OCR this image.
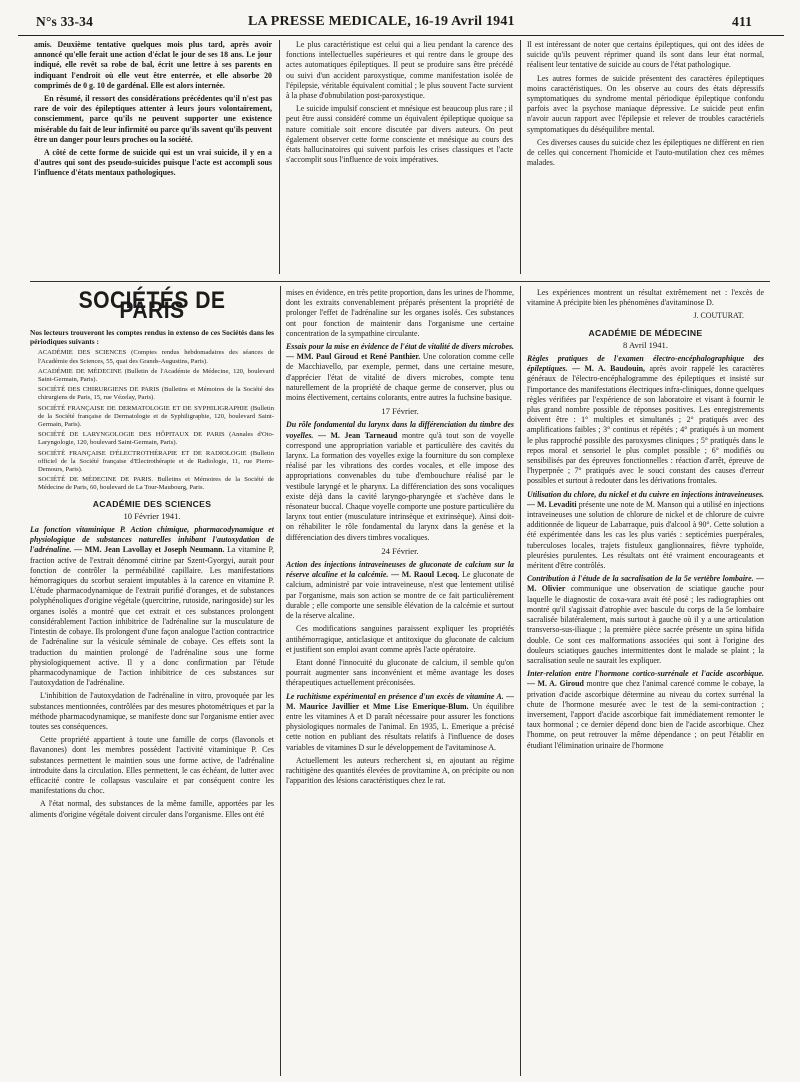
N°s 33-34	LA PRESSE MEDICALE, 16-19 Avril 1941	411

amis. Deuxième tentative quelques mois plus tard, après avoir annoncé qu'elle ferait une action d'éclat le jour de ses 18 ans. Le jour indiqué, elle revêt sa robe de bal, écrit une lettre à ses parents en indiquant l'endroit où elle veut être enterrée, et elle absorbe 20 comprimés de 0 g. 10 de gardénal. Elle est alors internée.

En résumé, il ressort des considérations précédentes qu'il n'est pas rare de voir des épileptiques attenter à leurs jours volontairement, consciemment, parce qu'ils ne peuvent supporter une existence misérable du fait de leur infirmité ou parce qu'ils savent qu'ils peuvent être un danger pour leurs proches ou la société.

A côté de cette forme de suicide qui est un vrai suicide, il y en a d'autres qui sont des pseudo-suicides puisque l'acte est accompli sous l'influence d'états mentaux pathologiques.

Le plus caractéristique est celui qui a lieu pendant la carence des fonctions intellectuelles supérieures et qui rentre dans le groupe des actes automatiques épileptiques. Il peut se produire sans être précédé ou suivi d'un accident paroxystique, comme manifestation isolée de l'épilepsie, véritable équivalent comitial ; le plus souvent l'acte survient à la phase d'obnubilation post-paroxystique.

Le suicide impulsif conscient et mnésique est beaucoup plus rare ; il peut être aussi considéré comme un équivalent épileptique quoique sa nature comitiale soit encore discutée par divers auteurs. On peut également observer cette forme consciente et mnésique au cours des états hallucinatoires qui suivent parfois les crises classiques et l'acte s'accomplit sous l'influence de voix impératives.

Il est intéressant de noter que certains épileptiques, qui ont des idées de suicide qu'ils peuvent réprimer quand ils sont dans leur état normal, réalisent leur tentative de suicide au cours de l'état pathologique.

Les autres formes de suicide présentent des caractères épileptiques moins caractéristiques. On les observe au cours des états dépressifs symptomatiques du syndrome mental périodique épileptique confondu parfois avec la psychose maniaque dépressive. Le suicide peut enfin n'avoir aucun rapport avec l'épilepsie et relever de troubles caractériels symptomatiques du déséquilibre mental.

Ces diverses causes du suicide chez les épileptiques ne diffèrent en rien de celles qui concernent l'homicide et l'auto-mutilation chez ces mêmes malades.

SOCIÉTÉS DE PARIS
Nos lecteurs trouveront les comptes rendus in extenso de ces Sociétés dans les périodiques suivants :

ACADÉMIE DES SCIENCES (Comptes rendus hebdomadaires des séances de l'Académie des Sciences, 55, quai des Grands-Augustins, Paris).

ACADÉMIE DE MÉDECINE (Bulletin de l'Académie de Médecine, 120, boulevard Saint-Germain, Paris).

SOCIÉTÉ DES CHIRURGIENS DE PARIS (Bulletins et Mémoires de la Société des chirurgiens de Paris, 15, rue Vézelay, Paris).

SOCIÉTÉ FRANÇAISE DE DERMATOLOGIE ET DE SYPHILIGRAPHIE (Bulletin de la Société française de Dermatologie et de Syphiligraphie, 120, boulevard Saint-Germain, Paris).

SOCIÉTÉ DE LARYNGOLOGIE DES HÔPITAUX DE PARIS (Annales d'Oto-Laryngologie, 120, boulevard Saint-Germain, Paris).

SOCIÉTÉ FRANÇAISE D'ÉLECTROTHÉRAPIE ET DE RADIOLOGIE (Bulletin officiel de la Société française d'Electrothérapie et de Radiologie, 11, rue Pierre-Demours, Paris).

SOCIÉTÉ DE MÉDECINE DE PARIS. Bulletins et Mémoires de la Société de Médecine de Paris, 60, boulevard de La Tour-Maubourg, Paris.

ACADÉMIE DES SCIENCES
10 Février 1941.

La fonction vitaminique P. Action chimique, pharmacodynamique et physiologique de substances naturelles inhibant l'autoxydation de l'adrénaline. — MM. Jean Lavollay et Joseph Neumann. La vitamine P, fraction active de l'extrait dénommé citrine par Szent-Gyorgyi, aurait pour fonction de contrôler la perméabilité capillaire. Les manifestations hémorragiques du scorbut seraient imputables à la carence en vitamine P. L'étude pharmacodynamique de l'extrait purifié d'oranges, et de substances polyphénoliques d'origine végétale (quercitrine, rutoside, naringoside) sur les organes isolés a montré que cet extrait et ces substances prolongent considérablement l'action inhibitrice de l'adrénaline sur la musculature de l'intestin de cobaye. Ils prolongent d'une façon analogue l'action contractrice de l'adrénaline sur la vésicule séminale de cobaye. Ces effets sont la traduction du maintien prolongé de l'adrénaline sous une forme physiologiquement active. Il y a donc confirmation par l'étude pharmacodynamique de l'action inhibitrice de ces substances sur l'autoxydation de l'adrénaline.

L'inhibition de l'autoxydation de l'adrénaline in vitro, provoquée par les substances mentionnées, contrôlées par des mesures photométriques et par la méthode pharmacodynamique, se manifeste donc sur l'organisme entier avec toutes ses conséquences.

Cette propriété appartient à toute une famille de corps (flavonols et flavanones) dont les membres possèdent l'activité vitaminique P. Ces substances permettent le maintien sous une forme active, de l'adrénaline introduite dans la circulation. Elles permettent, le cas échéant, de lutter avec efficacité contre le collapsus vasculaire et par conséquent contre les manifestations du choc.

A l'état normal, des substances de la même famille, apportées par les aliments d'origine végétale doivent circuler dans l'organisme. Elles ont été

mises en évidence, en très petite proportion, dans les urines de l'homme, dont les extraits convenablement préparés présentent la propriété de prolonger l'effet de l'adrénaline sur les organes isolés. Ces substances ont pour fonction de maintenir dans l'organisme une certaine concentration de la sympathine circulante.

Essais pour la mise en évidence de l'état de vitalité de divers microbes. — MM. Paul Giroud et René Panthier. Une coloration comme celle de Macchiavello, par exemple, permet, dans une certaine mesure, d'apprécier l'état de vitalité de divers microbes, compte tenu naturellement de la propriété de chaque germe de conserver, plus ou moins électivement, certains colorants, entre autres la fuchsine basique.

17 Février.

Du rôle fondamental du larynx dans la différenciation du timbre des voyelles. — M. Jean Tarneaud montre qu'à tout son de voyelle correspond une appropriation variable et particulière des cavités du larynx. La formation des voyelles exige la fourniture du son complexe réalisé par les vibrations des cordes vocales, et elle impose des appropriations convenables du tube d'embouchure réalisé par le vestibule laryngé et le pharynx. La différenciation des sons vocaliques existe déjà dans la cavité laryngo-pharyngée et s'achève dans le résonateur buccal. Chaque voyelle comporte une posture particulière du larynx tout entier (musculature intrinsèque et extrinsèque). Ainsi doit-on réhabiliter le rôle fondamental du larynx dans la genèse et la différenciation des divers timbres vocaliques.

24 Février.

Action des injections intraveineuses de gluconate de calcium sur la réserve alcaline et la calcémie. — M. Raoul Lecoq. Le gluconate de calcium, administré par voie intraveineuse, n'est que lentement utilisé par l'organisme, mais son action se montre de ce fait particulièrement durable ; elle comporte une sensible élévation de la calcémie et surtout de la réserve alcaline.

Ces modifications sanguines paraissent expliquer les propriétés antihémorragique, anticlasique et antitoxique du gluconate de calcium et justifient son emploi avant comme après l'acte opératoire.

Etant donné l'innocuité du gluconate de calcium, il semble qu'on pourrait augmenter sans inconvénient et même avantage les doses thérapeutiques actuellement préconisées.

Le rachitisme expérimental en présence d'un excès de vitamine A. — M. Maurice Javillier et Mme Lise Emerique-Blum. Un équilibre entre les vitamines A et D paraît nécessaire pour assurer les fonctions physiologiques normales de l'animal. En 1935, L. Emerique a précisé cette notion en publiant des résultats relatifs à l'influence de doses variables de vitamines D sur le développement de l'avitaminose A.

Actuellement les auteurs recherchent si, en ajoutant au régime rachitigène des quantités élevées de provitamine A, on précipite ou non l'apparition des lésions caractéristiques chez le rat.

Les expériences montrent un résultat extrêmement net : l'excès de vitamine A précipite bien les phénomènes d'avitaminose D.

J. COUTURAT.
ACADÉMIE DE MÉDECINE
8 Avril 1941.

Règles pratiques de l'examen électro-encéphalographique des épileptiques. — M. A. Baudouin, après avoir rappelé les caractères généraux de l'électro-encéphalogramme des épileptiques et insisté sur l'importance des manifestations électriques infra-cliniques, donne quelques règles vérifiées par l'expérience de son laboratoire et visant à fournir le plus grand nombre possible de réponses positives. Les enregistrements doivent être : 1° multiples et simultanés ; 2° pratiqués avec des amplifications faibles ; 3° continus et répétés ; 4° pratiqués à un moment le plus rapproché possible des paroxysmes cliniques ; 5° pratiqués dans le repos moral et sensoriel le plus complet possible ; 6° modifiés ou sensibilisés par des épreuves fonctionnelles : réaction d'arrêt, épreuve de l'hyperpnée ; 7° pratiqués avec le souci constant des causes d'erreur possibles et surtout à redouter dans les dérivations frontales.

Utilisation du chlore, du nickel et du cuivre en injections intraveineuses. — M. Levaditi présente une note de M. Manson qui a utilisé en injections intraveineuses une solution de chlorure de nickel et de chlorure de cuivre additionnée de liqueur de Labarraque, puis d'alcool à 90°. Cette solution a été expérimentée dans les cas les plus variés : septicémies puerpérales, tuberculoses locales, trajets fistuleux ganglionnaires, fièvre typhoïde, pleurésies purulentes. Les résultats ont été vraiment encourageants et méritent d'être contrôlés.

Contribution à l'étude de la sacralisation de la 5e vertèbre lombaire. — M. Olivier communique une observation de sciatique gauche pour laquelle le diagnostic de coxa-vara avait été posé ; les radiographies ont montré qu'il s'agissait d'atrophie avec bascule du corps de la 5e lombaire sacralisée bilatéralement, mais surtout à gauche où il y a une articulation transverso-sus-iliaque ; la première pièce sacrée présente un spina bifida double. Ce sont ces malformations associées qui sont à l'origine des douleurs sciatiques gauches intermittentes dont le malade se plaint ; la sacralisation seule ne saurait les expliquer.

Inter-relation entre l'hormone cortico-surrénale et l'acide ascorbique. — M. A. Giroud montre que chez l'animal carencé comme le cobaye, la privation d'acide ascorbique détermine au niveau du cortex surrénal la chute de l'hormone mesurée avec le test de la semi-contraction ; inversement, l'apport d'acide ascorbique fait immédiatement remonter le taux hormonal ; ce dernier dépend donc bien de l'acide ascorbique. Chez l'homme, on peut retrouver la même dépendance ; on peut l'établir en étudiant l'élimination urinaire de l'hormone
